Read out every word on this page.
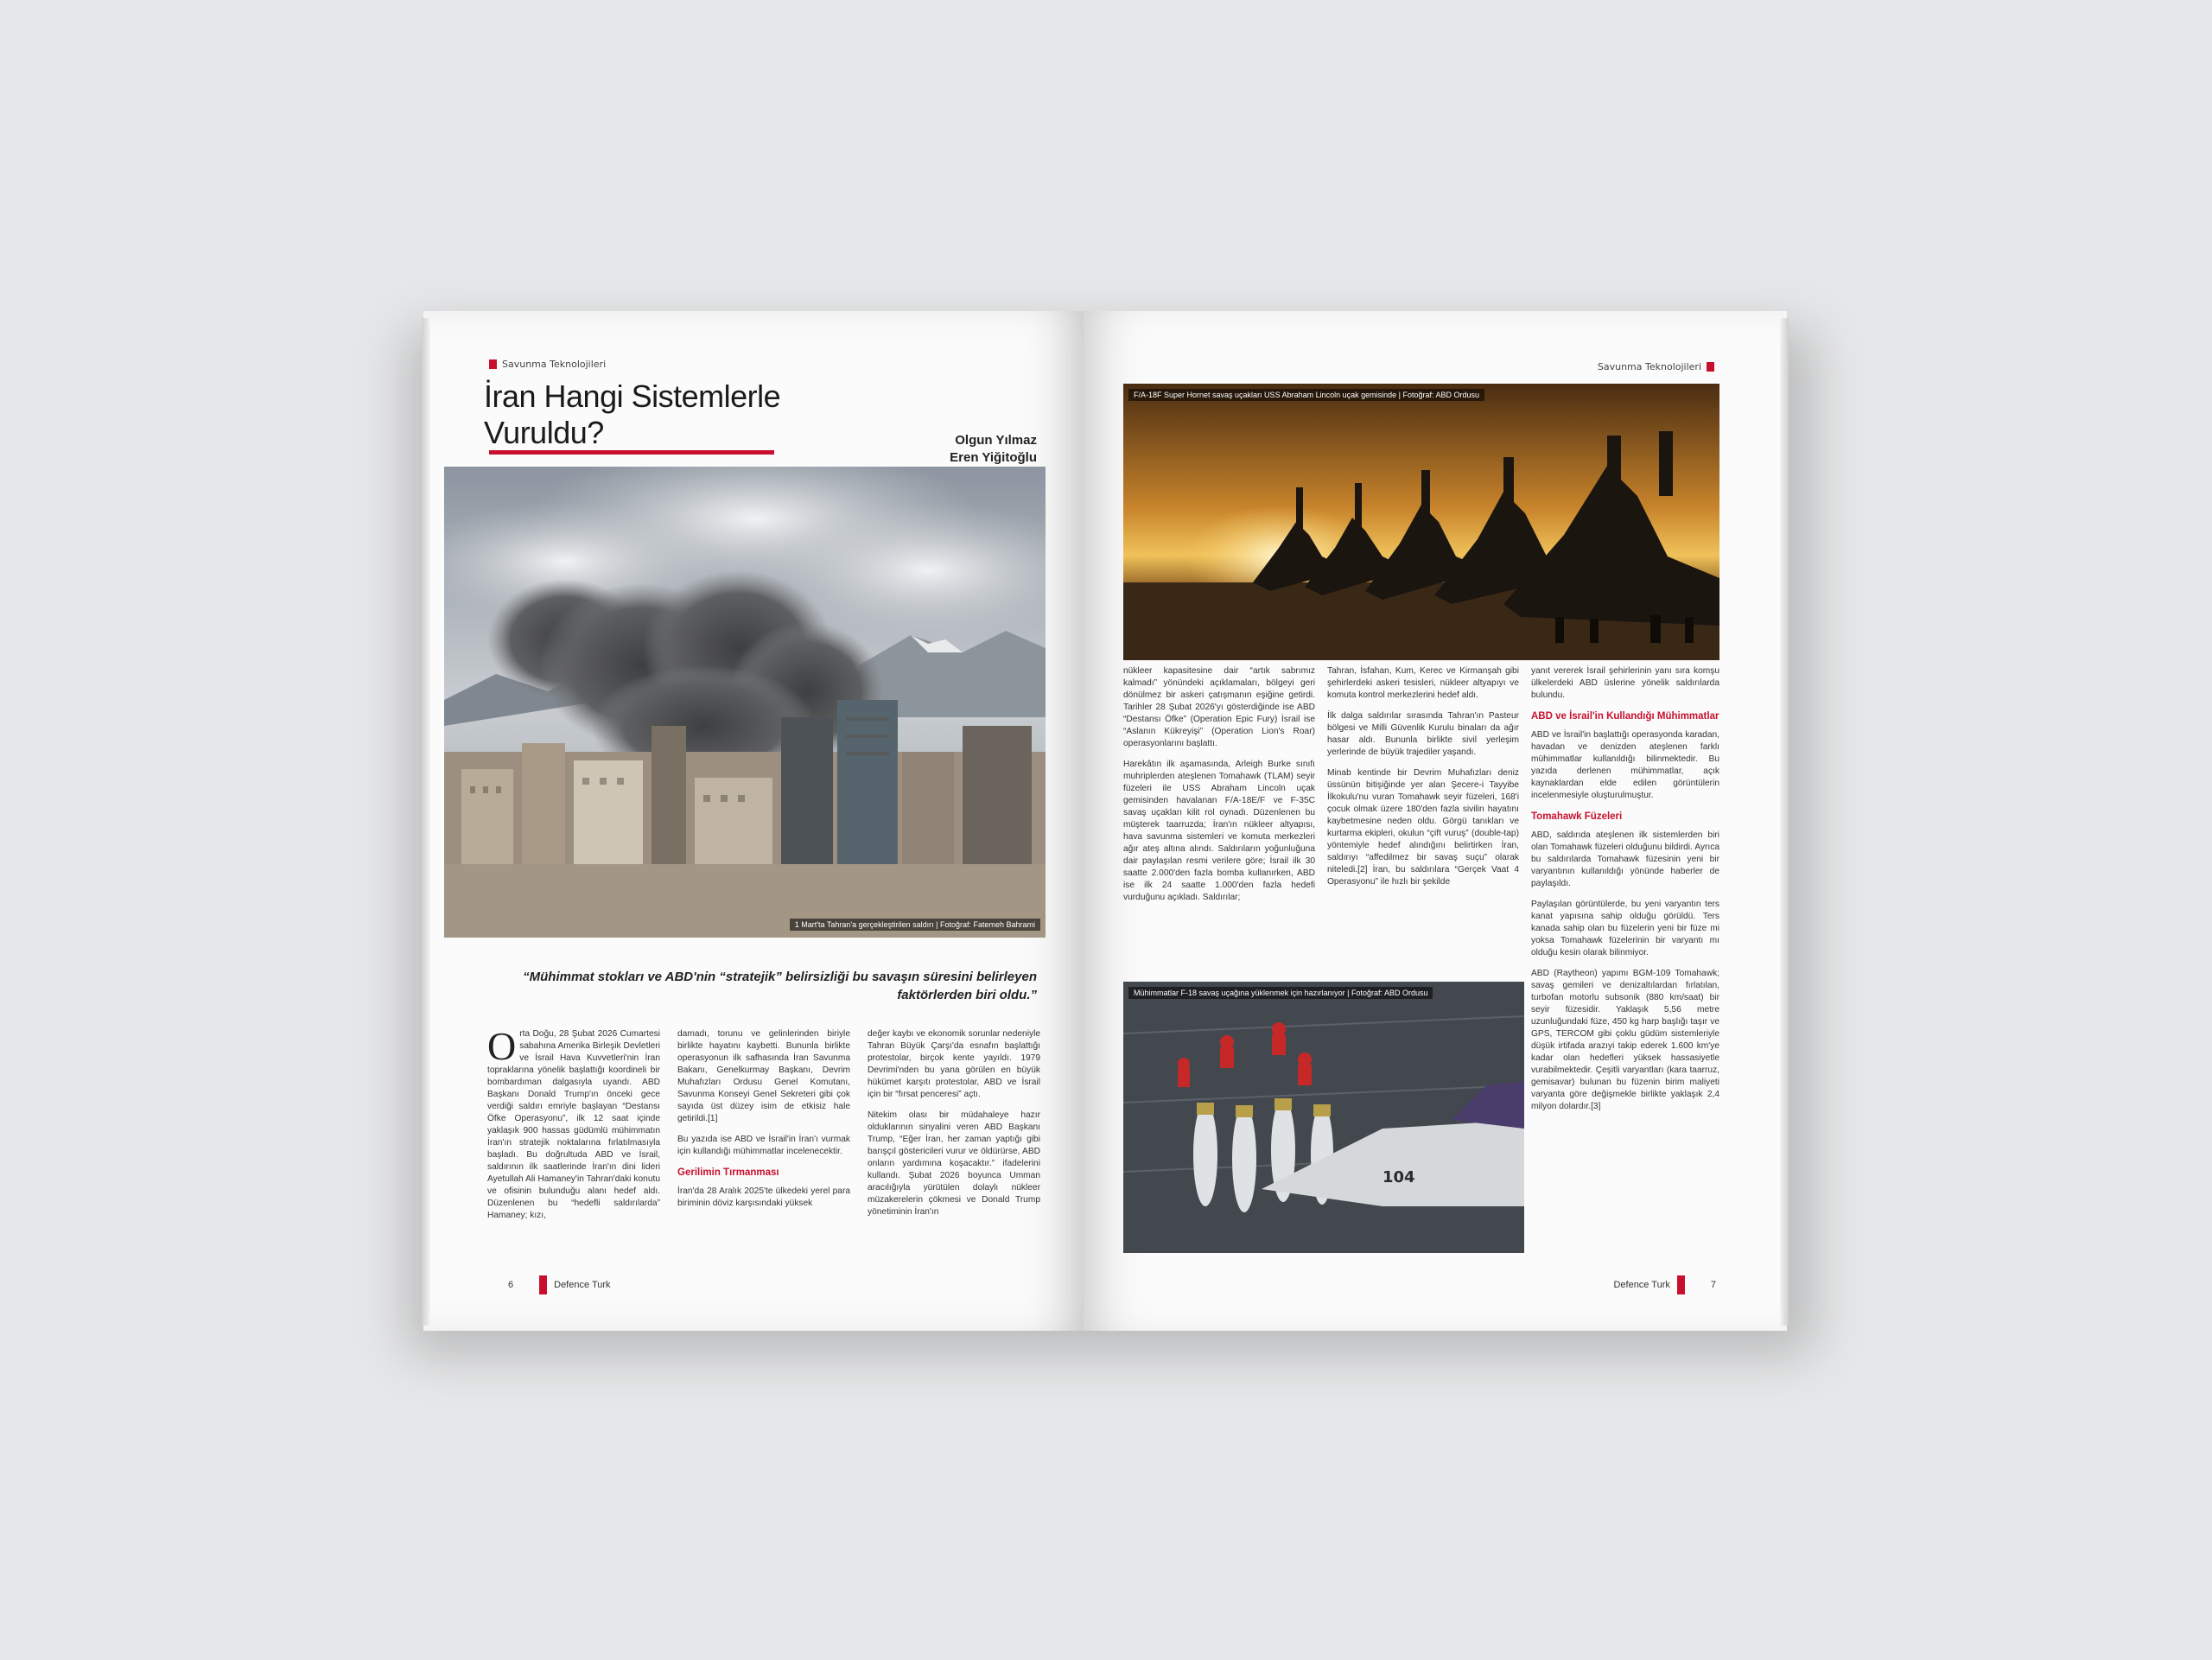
Savunma Teknolojileri
İran Hangi Sistemlerle
Vuruldu?	Olgun Yılmaz
Eren Yiğitoğlu
1 Mart'ta Tahran'a gerçekleştirilen saldırı | Fotoğraf: Fatemeh Bahrami
“Mühimmat stokları ve ABD'nin “stratejik” belirsizliği bu savaşın süresini belirleyen faktörlerden biri oldu.”
O rta Doğu, 28 Şubat 2026 Cumartesi sabahına Amerika Birleşik Devletleri ve İsrail Hava Kuvvetleri'nin İran topraklarına yönelik başlattığı koordineli bir bombardıman dalgasıyla uyandı. ABD Başkanı Donald Trump'ın önceki gece verdiği saldırı emriyle başlayan “Destansı Öfke Operasyonu”, ilk 12 saat içinde yaklaşık 900 hassas güdümlü mühimmatın İran'ın stratejik noktalarına fırlatılmasıyla başladı. Bu doğrultuda ABD ve İsrail, saldırının ilk saatlerinde İran'ın dini lideri Ayetullah Ali Hamaney'in Tahran'daki konutu ve ofisinin bulunduğu alanı hedef aldı. Düzenlenen bu “hedefli saldırılarda” Hamaney; kızı,

damadı, torunu ve gelinlerinden biriyle birlikte hayatını kaybetti. Bununla birlikte operasyonun ilk safhasında İran Savunma Bakanı, Genelkurmay Başkanı, Devrim Muhafızları Ordusu Genel Komutanı, Savunma Konseyi Genel Sekreteri gibi çok sayıda üst düzey isim de etkisiz hale getirildi.[1]

Bu yazıda ise ABD ve İsrail'in İran'ı vurmak için kullandığı mühimmatlar incelenecektir.

Gerilimin Tırmanması

İran'da 28 Aralık 2025'te ülkedeki yerel para biriminin döviz karşısındaki yüksek

değer kaybı ve ekonomik sorunlar nedeniyle Tahran Büyük Çarşı'da esnafın başlattığı protestolar, birçok kente yayıldı. 1979 Devrimi'nden bu yana görülen en büyük hükümet karşıtı protestolar, ABD ve İsrail için bir “fırsat penceresi” açtı.

Nitekim olası bir müdahaleye hazır olduklarının sinyalini veren ABD Başkanı Trump, “Eğer İran, her zaman yaptığı gibi barışçıl göstericileri vurur ve öldürürse, ABD onların yardımına koşacaktır.” ifadelerini kullandı. Şubat 2026 boyunca Umman aracılığıyla yürütülen dolaylı nükleer müzakerelerin çökmesi ve Donald Trump yönetiminin İran'ın

6	Defence Turk
Savunma Teknolojileri
F/A-18F Super Hornet savaş uçakları USS Abraham Lincoln uçak gemisinde | Fotoğraf: ABD Ordusu

nükleer kapasitesine dair “artık sabrımız kalmadı” yönündeki açıklamaları, bölgeyi geri dönülmez bir askeri çatışmanın eşiğine getirdi. Tarihler 28 Şubat 2026'yı gösterdiğinde ise ABD “Destansı Öfke” (Operation Epic Fury) İsrail ise “Aslanın Kükreyişi” (Operation Lion's Roar) operasyonlarını başlattı.

Harekâtın ilk aşamasında, Arleigh Burke sınıfı muhriplerden ateşlenen Tomahawk (TLAM) seyir füzeleri ile USS Abraham Lincoln uçak gemisinden havalanan F/A-18E/F ve F-35C savaş uçakları kilit rol oynadı. Düzenlenen bu müşterek taarruzda; İran'ın nükleer altyapısı, hava savunma sistemleri ve komuta merkezleri ağır ateş altına alındı. Saldırıların yoğunluğuna dair paylaşılan resmi verilere göre; İsrail ilk 30 saatte 2.000'den fazla bomba kullanırken, ABD ise ilk 24 saatte 1.000'den fazla hedefi vurduğunu açıkladı. Saldırılar;

Tahran, İsfahan, Kum, Kerec ve Kirmanşah gibi şehirlerdeki askeri tesisleri, nükleer altyapıyı ve komuta kontrol merkezlerini hedef aldı.

İlk dalga saldırılar sırasında Tahran'ın Pasteur bölgesi ve Milli Güvenlik Kurulu binaları da ağır hasar aldı. Bununla birlikte sivil yerleşim yerlerinde de büyük trajediler yaşandı.

Minab kentinde bir Devrim Muhafızları deniz üssünün bitişiğinde yer alan Şecere-i Tayyibe İlkokulu'nu vuran Tomahawk seyir füzeleri, 168'i çocuk olmak üzere 180'den fazla sivilin hayatını kaybetmesine neden oldu. Görgü tanıkları ve kurtarma ekipleri, okulun “çift vuruş” (double-tap) yöntemiyle hedef alındığını belirtirken İran, saldırıyı “affedilmez bir savaş suçu” olarak niteledi.[2] İran, bu saldırılara “Gerçek Vaat 4 Operasyonu” ile hızlı bir şekilde

yanıt vererek İsrail şehirlerinin yanı sıra komşu ülkelerdeki ABD üslerine yönelik saldırılarda bulundu.

ABD ve İsrail'in Kullandığı Mühimmatlar

ABD ve İsrail'in başlattığı operasyonda karadan, havadan ve denizden ateşlenen farklı mühimmatlar kullanıldığı bilinmektedir. Bu yazıda derlenen mühimmatlar, açık kaynaklardan elde edilen görüntülerin incelenmesiyle oluşturulmuştur.

Tomahawk Füzeleri

ABD, saldırıda ateşlenen ilk sistemlerden biri olan Tomahawk füzeleri olduğunu bildirdi. Ayrıca bu saldırılarda Tomahawk füzesinin yeni bir varyantının kullanıldığı yönünde haberler de paylaşıldı.

Paylaşılan görüntülerde, bu yeni varyantın ters kanat yapısına sahip olduğu görüldü. Ters kanada sahip olan bu füzelerin yeni bir füze mi yoksa Tomahawk füzelerinin bir varyantı mı olduğu kesin olarak bilinmiyor.

ABD (Raytheon) yapımı BGM-109 Tomahawk; savaş gemileri ve denizaltılardan fırlatılan, turbofan motorlu subsonik (880 km/saat) bir seyir füzesidir. Yaklaşık 5,56 metre uzunluğundaki füze, 450 kg harp başlığı taşır ve GPS, TERCOM gibi çoklu güdüm sistemleriyle düşük irtifada arazıyi takip ederek 1.600 km'ye kadar olan hedefleri yüksek hassasiyetle vurabilmektedir. Çeşitli varyantları (kara taarruz, gemisavar) bulunan bu füzenin birim maliyeti varyanta göre değişmekle birlikte yaklaşık 2,4 milyon dolardır.[3]

104
Mühimmatlar F-18 savaş uçağına yüklenmek için hazırlanıyor | Fotoğraf: ABD Ordusu
Defence Turk	7
